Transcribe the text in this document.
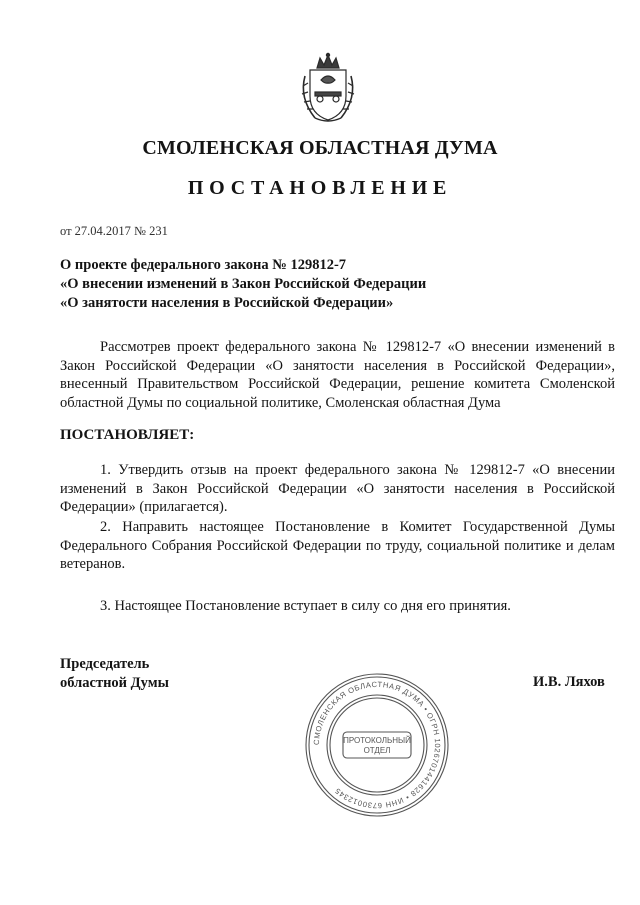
СМОЛЕНСКАЯ ОБЛАСТНАЯ ДУМА
ПОСТАНОВЛЕНИЕ
от 27.04.2017 № 231
О проекте федерального закона № 129812-7
«О внесении изменений в Закон Российской Федерации
«О занятости населения в Российской Федерации»
Рассмотрев проект федерального закона № 129812-7 «О внесении изменений в Закон Российской Федерации «О занятости населения в Российской Федерации», внесенный Правительством Российской Федерации, решение комитета Смоленской областной Думы по социальной политике, Смоленская областная Дума
ПОСТАНОВЛЯЕТ:
1. Утвердить отзыв на проект федерального закона № 129812-7 «О внесении изменений в Закон Российской Федерации «О занятости населения в Российской Федерации» (прилагается).
2. Направить настоящее Постановление в Комитет Государственной Думы Федерального Собрания Российской Федерации по труду, социальной политике и делам ветеранов.
3. Настоящее Постановление вступает в силу со дня его принятия.
Председатель
областной Думы	И.В. Ляхов
СМОЛЕНСКАЯ ОБЛАСТНАЯ ДУМА • ОГРН 1026701441628 • ИНН 6730012345
ПРОТОКОЛЬНЫЙ
ОТДЕЛ
